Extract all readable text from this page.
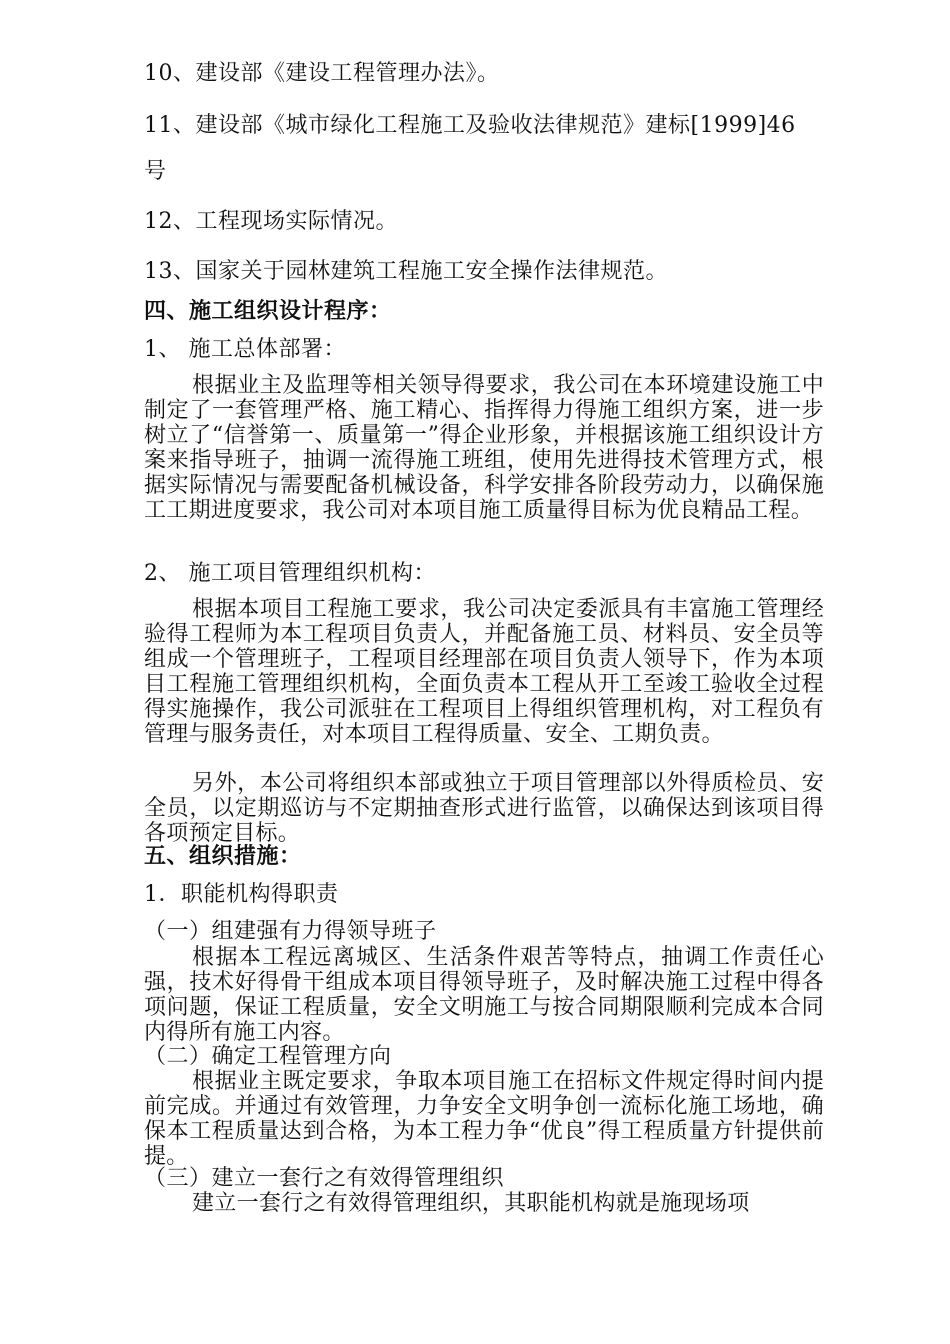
10、建设部《建设工程管理办法》。
11、建设部《城市绿化工程施工及验收法律规范》建标[1999]46
号
12、工程现场实际情况。
13、国家关于园林建筑工程施工安全操作法律规范。
四、施工组织设计程序：
1、 施工总体部署：

根据业主及监理等相关领导得要求，我公司在本环境建设施工中制定了一套管理严格、施工精心、指挥得力得施工组织方案，进一步树立了“信誉第一、质量第一”得企业形象，并根据该施工组织设计方案来指导班子，抽调一流得施工班组，使用先进得技术管理方式，根据实际情况与需要配备机械设备，科学安排各阶段劳动力，以确保施工工期进度要求，我公司对本项目施工质量得目标为优良精品工程。

2、 施工项目管理组织机构：

根据本项目工程施工要求，我公司决定委派具有丰富施工管理经验得工程师为本工程项目负责人，并配备施工员、材料员、安全员等组成一个管理班子，工程项目经理部在项目负责人领导下，作为本项目工程施工管理组织机构，全面负责本工程从开工至竣工验收全过程得实施操作，我公司派驻在工程项目上得组织管理机构，对工程负有管理与服务责任，对本项目工程得质量、安全、工期负责。

另外，本公司将组织本部或独立于项目管理部以外得质检员、安全员，以定期巡访与不定期抽查形式进行监管，以确保达到该项目得各项预定目标。

五、组织措施：
1．职能机构得职责
（一）组建强有力得领导班子

根据本工程远离城区、生活条件艰苦等特点，抽调工作责任心强，技术好得骨干组成本项目得领导班子，及时解决施工过程中得各项问题，保证工程质量，安全文明施工与按合同期限顺利完成本合同内得所有施工内容。

（二）确定工程管理方向

根据业主既定要求，争取本项目施工在招标文件规定得时间内提前完成。并通过有效管理，力争安全文明争创一流标化施工场地，确保本工程质量达到合格，为本工程力争“优良”得工程质量方针提供前提。

（三）建立一套行之有效得管理组织

建立一套行之有效得管理组织，其职能机构就是施现场项
